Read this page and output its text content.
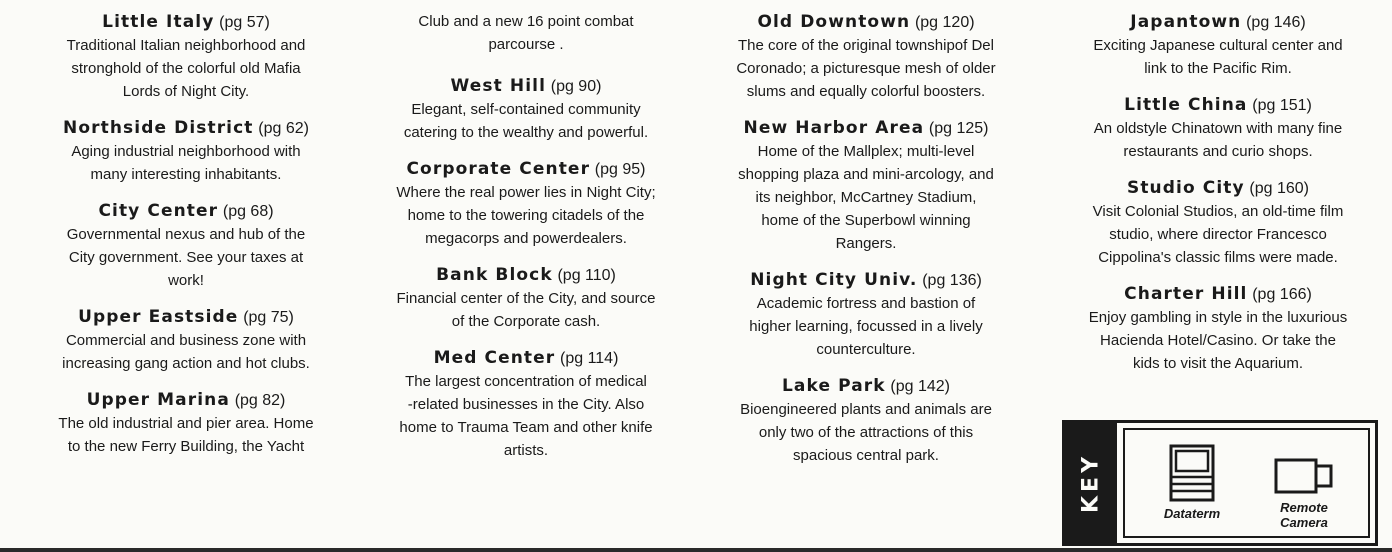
Little Italy (pg 57)
Traditional Italian neighborhood and
stronghold of the colorful old Mafia
Lords of Night City.
Northside District (pg 62)
Aging industrial neighborhood with
many interesting inhabitants.
City Center (pg 68)
Governmental nexus and hub of the
City government. See your taxes at
work!
Upper Eastside (pg 75)
Commercial and business zone with
increasing gang action and hot clubs.
Upper Marina (pg 82)
The old industrial and pier area. Home
to the new Ferry Building, the Yacht
Club and a new 16 point combat
parcourse .
West Hill (pg 90)
Elegant, self-contained community
catering to the wealthy and powerful.
Corporate Center (pg 95)
Where the real power lies in Night City;
home to the towering citadels of the
megacorps and powerdealers.
Bank Block (pg 110)
Financial center of the City, and source
of the Corporate cash.
Med Center (pg 114)
The largest concentration of medical
-related businesses in the City. Also
home to Trauma Team and other knife
artists.
Old Downtown (pg 120)
The core of the original townshipof Del
Coronado; a picturesque mesh of older
slums and equally colorful boosters.
New Harbor Area (pg 125)
Home of the Mallplex; multi-level
shopping plaza and mini-arcology, and
its neighbor, McCartney Stadium,
home of the Superbowl winning
Rangers.
Night City Univ. (pg 136)
Academic fortress and bastion of
higher learning, focussed in a lively
counterculture.
Lake Park (pg 142)
Bioengineered plants and animals are
only two of the attractions of this
spacious central park.
Japantown (pg 146)
Exciting Japanese cultural center and
link to the Pacific Rim.
Little China (pg 151)
An oldstyle Chinatown with many fine
restaurants and curio shops.
Studio City (pg 160)
Visit Colonial Studios, an old-time film
studio, where director Francesco
Cippolina's classic films were made.
Charter Hill (pg 166)
Enjoy gambling in style in the luxurious
Hacienda Hotel/Casino. Or take the
kids to visit the Aquarium.
KEY
Dataterm	Remote
Camera
